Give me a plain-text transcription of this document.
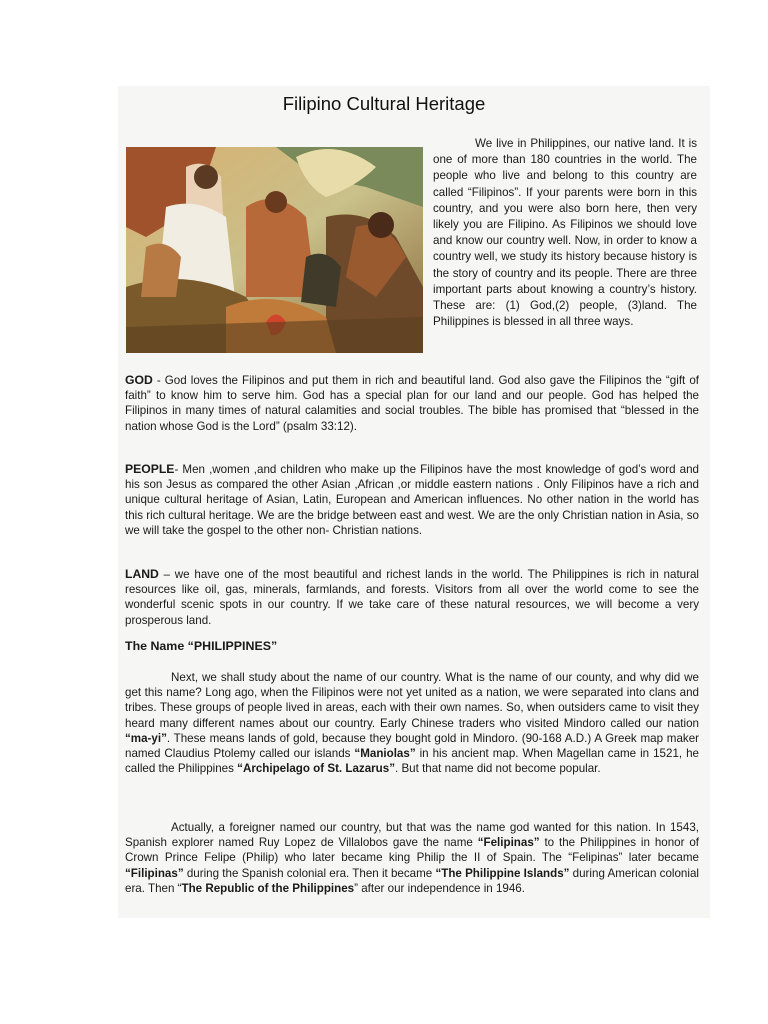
Filipino Cultural Heritage
We live in Philippines, our native land. It is one of more than 180 countries in the world. The people who live and belong to this country are called “Filipinos”. If your parents were born in this country, and you were also born here, then very likely you are Filipino. As Filipinos we should love and know our country well. Now, in order to know a country well, we study its history because history is the story of country and its people. There are three important parts about knowing a country’s history. These are: (1) God,(2) people, (3)land. The Philippines is blessed in all three ways.
GOD - God loves the Filipinos and put them in rich and beautiful land. God also gave the Filipinos the “gift of faith” to know him to serve him. God has a special plan for our land and our people. God has helped the Filipinos in many times of natural calamities and social troubles. The bible has promised that “blessed in the nation whose God is the Lord” (psalm 33:12).
PEOPLE- Men ,women ,and children who make up the Filipinos have the most knowledge of god’s word and his son Jesus as compared the other Asian ,African ,or middle eastern nations . Only Filipinos have a rich and unique cultural heritage of Asian, Latin, European and American influences. No other nation in the world has this rich cultural heritage. We are the bridge between east and west. We are the only Christian nation in Asia, so we will take the gospel to the other non- Christian nations.
LAND – we have one of the most beautiful and richest lands in the world. The Philippines is rich in natural resources like oil, gas, minerals, farmlands, and forests. Visitors from all over the world come to see the wonderful scenic spots in our country. If we take care of these natural resources, we will become a very prosperous land.
The Name “PHILIPPINES”
Next, we shall study about the name of our country. What is the name of our county, and why did we get this name? Long ago, when the Filipinos were not yet united as a nation, we were separated into clans and tribes. These groups of people lived in areas, each with their own names. So, when outsiders came to visit they heard many different names about our country. Early Chinese traders who visited Mindoro called our nation “ma-yi”. These means lands of gold, because they bought gold in Mindoro. (90-168 A.D.) A Greek map maker named Claudius Ptolemy called our islands “Maniolas” in his ancient map. When Magellan came in 1521, he called the Philippines “Archipelago of St. Lazarus”. But that name did not become popular.
Actually, a foreigner named our country, but that was the name god wanted for this nation. In 1543, Spanish explorer named Ruy Lopez de Villalobos gave the name “Felipinas” to the Philippines in honor of Crown Prince Felipe (Philip) who later became king Philip the II of Spain. The “Felipinas” later became “Filipinas” during the Spanish colonial era. Then it became “The Philippine Islands” during American colonial era. Then “The Republic of the Philippines” after our independence in 1946.
